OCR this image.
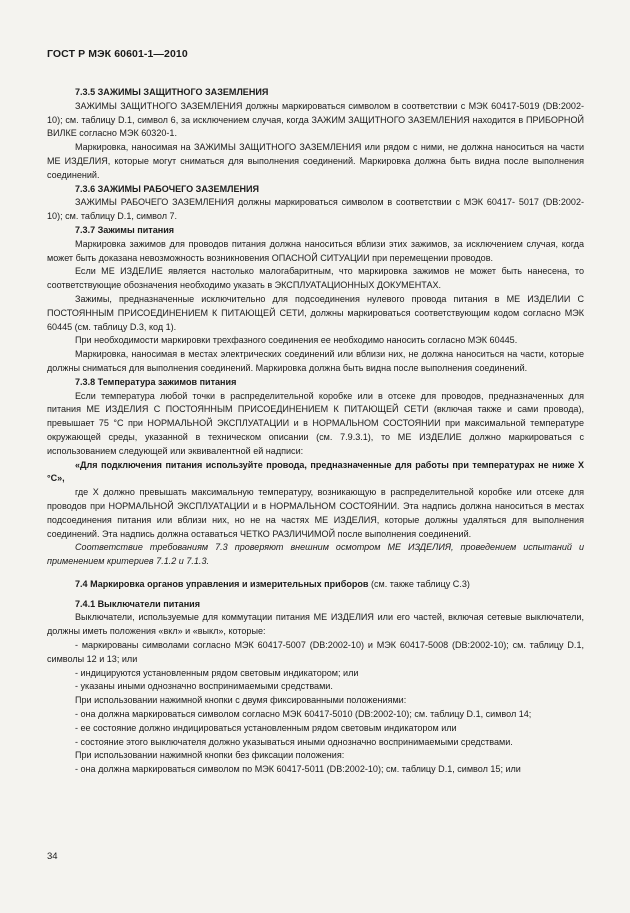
ГОСТ Р МЭК 60601-1—2010

7.3.5 ЗАЖИМЫ ЗАЩИТНОГО ЗАЗЕМЛЕНИЯ

ЗАЖИМЫ ЗАЩИТНОГО ЗАЗЕМЛЕНИЯ должны маркироваться символом в соответствии с МЭК 60417-5019 (DB:2002-10); см. таблицу D.1, символ 6, за исключением случая, когда ЗАЖИМ ЗАЩИТНОГО ЗАЗЕМЛЕНИЯ находится в ПРИБОРНОЙ ВИЛКЕ согласно МЭК 60320-1.

Маркировка, наносимая на ЗАЖИМЫ ЗАЩИТНОГО ЗАЗЕМЛЕНИЯ или рядом с ними, не должна наноситься на части МЕ ИЗДЕЛИЯ, которые могут сниматься для выполнения соединений. Маркировка должна быть видна после выполнения соединений.

7.3.6 ЗАЖИМЫ РАБОЧЕГО ЗАЗЕМЛЕНИЯ

ЗАЖИМЫ РАБОЧЕГО ЗАЗЕМЛЕНИЯ должны маркироваться символом в соответствии с МЭК 60417- 5017 (DB:2002-10); см. таблицу D.1, символ 7.

7.3.7 Зажимы питания

Маркировка зажимов для проводов питания должна наноситься вблизи этих зажимов, за исключением случая, когда может быть доказана невозможность возникновения ОПАСНОЙ СИТУАЦИИ при перемещении проводов.

Если МЕ ИЗДЕЛИЕ является настолько малогабаритным, что маркировка зажимов не может быть нанесена, то соответствующие обозначения необходимо указать в ЭКСПЛУАТАЦИОННЫХ ДОКУМЕНТАХ.

Зажимы, предназначенные исключительно для подсоединения нулевого провода питания в МЕ ИЗДЕЛИИ С ПОСТОЯННЫМ ПРИСОЕДИНЕНИЕМ К ПИТАЮЩЕЙ СЕТИ, должны маркироваться соответствующим кодом согласно МЭК 60445 (см. таблицу D.3, код 1).

При необходимости маркировки трехфазного соединения ее необходимо наносить согласно МЭК 60445.

Маркировка, наносимая в местах электрических соединений или вблизи них, не должна наноситься на части, которые должны сниматься для выполнения соединений. Маркировка должна быть видна после выполнения соединений.

7.3.8 Температура зажимов питания

Если температура любой точки в распределительной коробке или в отсеке для проводов, предназначенных для питания МЕ ИЗДЕЛИЯ С ПОСТОЯННЫМ ПРИСОЕДИНЕНИЕМ К ПИТАЮЩЕЙ СЕТИ (включая также и сами провода), превышает 75 °С при НОРМАЛЬНОЙ ЭКСПЛУАТАЦИИ и в НОРМАЛЬНОМ СОСТОЯНИИ при максимальной температуре окружающей среды, указанной в техническом описании (см. 7.9.3.1), то МЕ ИЗДЕЛИЕ должно маркироваться с использованием следующей или эквивалентной ей надписи:

«Для подключения питания используйте провода, предназначенные для работы при температурах не ниже X °С»,

где X должно превышать максимальную температуру, возникающую в распределительной коробке или отсеке для проводов при НОРМАЛЬНОЙ ЭКСПЛУАТАЦИИ и в НОРМАЛЬНОМ СОСТОЯНИИ. Эта надпись должна наноситься в местах подсоединения питания или вблизи них, но не на частях МЕ ИЗДЕЛИЯ, которые должны удаляться для выполнения соединений. Эта надпись должна оставаться ЧЕТКО РАЗЛИЧИМОЙ после выполнения соединений.

Соответствие требованиям 7.3 проверяют внешним осмотром МЕ ИЗДЕЛИЯ, проведением испытаний и применением критериев 7.1.2 и 7.1.3.

7.4 Маркировка органов управления и измерительных приборов (см. также таблицу С.3)

7.4.1 Выключатели питания

Выключатели, используемые для коммутации питания МЕ ИЗДЕЛИЯ или его частей, включая сетевые выключатели, должны иметь положения «вкл» и «выкл», которые:

- маркированы символами согласно МЭК 60417-5007 (DB:2002-10) и МЭК 60417-5008 (DB:2002-10); см. таблицу D.1, символы 12 и 13; или

- индицируются установленным рядом световым индикатором; или

- указаны иными однозначно воспринимаемыми средствами.

При использовании нажимной кнопки с двумя фиксированными положениями:

- она должна маркироваться символом согласно МЭК 60417-5010 (DB:2002-10); см. таблицу D.1, символ 14;

- ее состояние должно индицироваться установленным рядом световым индикатором или

- состояние этого выключателя должно указываться иными однозначно воспринимаемыми средствами.

При использовании нажимной кнопки без фиксации положения:

- она должна маркироваться символом по МЭК 60417-5011 (DB:2002-10); см. таблицу D.1, символ 15; или

34
